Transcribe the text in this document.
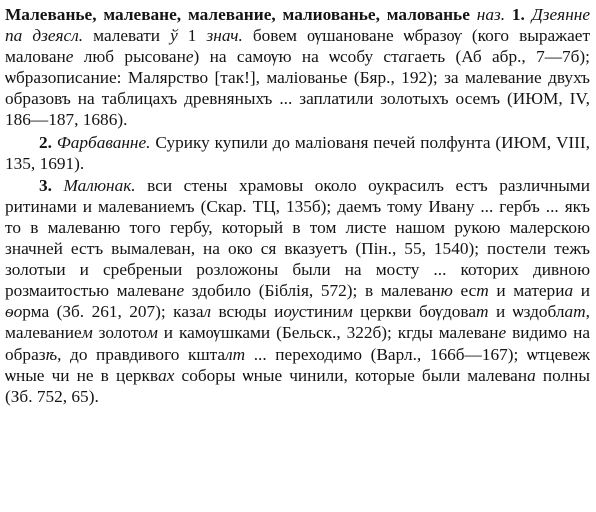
Малеванье, малеване, малевание, малиованье, малованье наз. 1. Дзеянне па дзеясл. малевати ў 1 знач. бовем ѹшановане ѡбразѹ (кого выражает маловане люб рысоване) на самѹю на ѡсобу стагаеть (Аб абр., 7—7б); ѡбразописание: Малярство [так!], малiованье (Бяр., 192); за малевание двухъ образовъ на таблицахъ древняныхъ ... заплатили золотыхъ осемъ (ИЮМ, IV, 186—187, 1686).

2. Фарбаванне. Сурику купили до малiованя печей полфунта (ИЮМ, VIII, 135, 1691).

3. Малюнак. вси стены храмовы около оукрасилъ естъ различными ритинами и малеваниемъ (Скар. ТЦ, 135б); даемъ тому Ивану ... гербъ ... якъ то в малеваню того гербу, который в том листе нашом рукою малерскою значней естъ вымалеван, на око ся вказуетъ (Пiн., 55, 1540); постели тежъ золотыи и сребреныи розложоны были на мосту ... которих дивною розмаитостью малеване здобило (Бiблiя, 572); в малеваню ест и материа и ѳорма (Зб. 261, 207); казал всюды иѹстиним церкви бѹдоват и ѡздоблат, малеванием золотом и камѹшками (Бельск., 322б); кгды малеване видимо на образѣ, до правдивого кшталт ... переходимо (Варл., 166б—167); ѡтцевеж ѡные чи не в церквах соборы ѡные чинили, которые были малевана полны (Зб. 752, 65).
